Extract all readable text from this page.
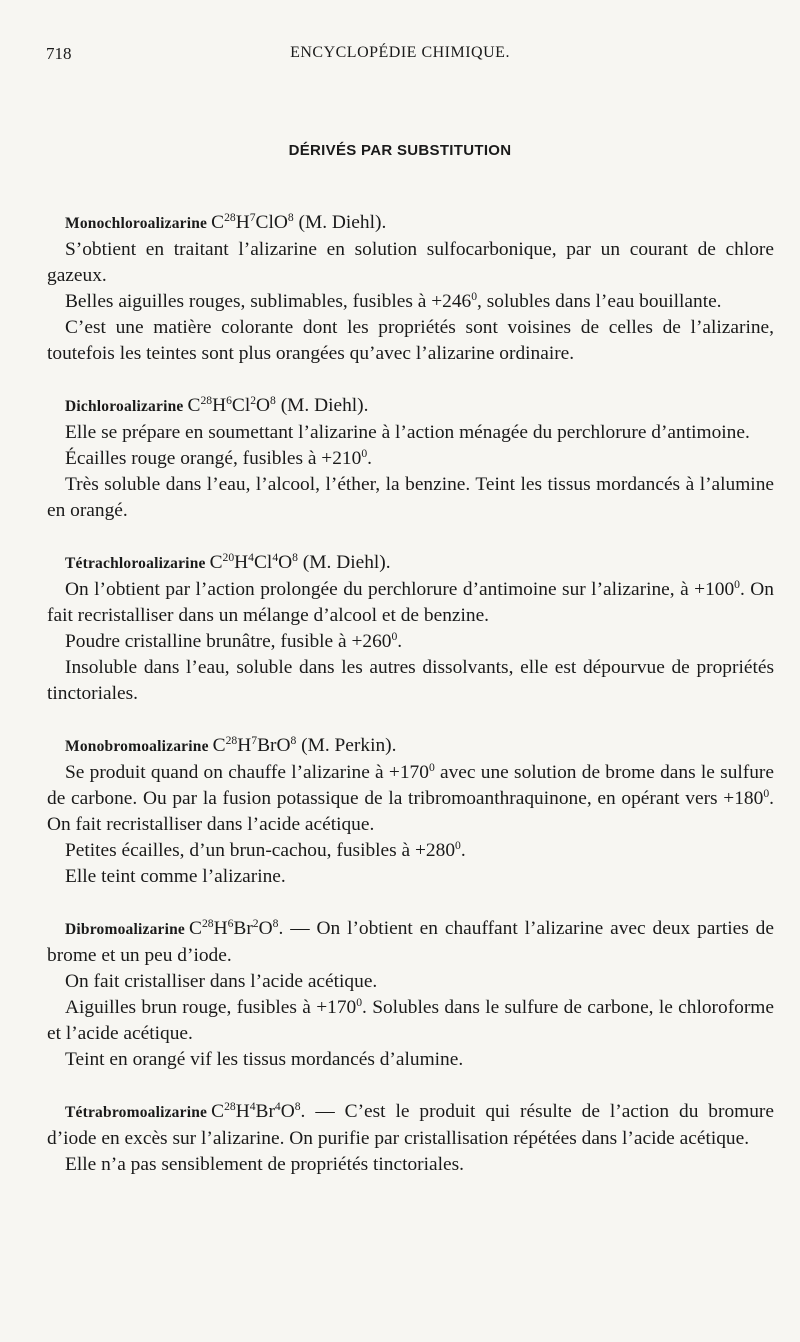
718	ENCYCLOPÉDIE CHIMIQUE.
DÉRIVÉS PAR SUBSTITUTION

Monochloroalizarine $C^{28}H^7ClO^8$ (M. Diehl).

S’obtient en traitant l’alizarine en solution sulfocarbonique, par un courant de chlore gazeux.

Belles aiguilles rouges, sublimables, fusibles à $+246^0$, solubles dans l’eau bouillante.

C’est une matière colorante dont les propriétés sont voisines de celles de l’alizarine, toutefois les teintes sont plus orangées qu’avec l’alizarine ordinaire.

Dichloroalizarine $C^{28}H^6Cl^2O^8$ (M. Diehl).

Elle se prépare en soumettant l’alizarine à l’action ménagée du perchlorure d’antimoine.

Écailles rouge orangé, fusibles à $+210^0$.

Très soluble dans l’eau, l’alcool, l’éther, la benzine. Teint les tissus mordancés à l’alumine en orangé.

Tétrachloroalizarine $C^{20}H^4Cl^4O^8$ (M. Diehl).

On l’obtient par l’action prolongée du perchlorure d’antimoine sur l’alizarine, à $+100^0$. On fait recristalliser dans un mélange d’alcool et de benzine.

Poudre cristalline brunâtre, fusible à $+260^0$.

Insoluble dans l’eau, soluble dans les autres dissolvants, elle est dépourvue de propriétés tinctoriales.

Monobromoalizarine $C^{28}H^7BrO^8$ (M. Perkin).

Se produit quand on chauffe l’alizarine à $+170^0$ avec une solution de brome dans le sulfure de carbone. Ou par la fusion potassique de la tribromoanthraquinone, en opérant vers $+180^0$. On fait recristalliser dans l’acide acétique.

Petites écailles, d’un brun-cachou, fusibles à $+280^0$.

Elle teint comme l’alizarine.

Dibromoalizarine $C^{28}H^6Br^2O^8$. — On l’obtient en chauffant l’alizarine avec deux parties de brome et un peu d’iode.

On fait cristalliser dans l’acide acétique.

Aiguilles brun rouge, fusibles à $+170^0$. Solubles dans le sulfure de carbone, le chloroforme et l’acide acétique.

Teint en orangé vif les tissus mordancés d’alumine.

Tétrabromoalizarine $C^{28}H^4Br^4O^8$. — C’est le produit qui résulte de l’action du bromure d’iode en excès sur l’alizarine. On purifie par cristallisation répétées dans l’acide acétique.

Elle n’a pas sensiblement de propriétés tinctoriales.
